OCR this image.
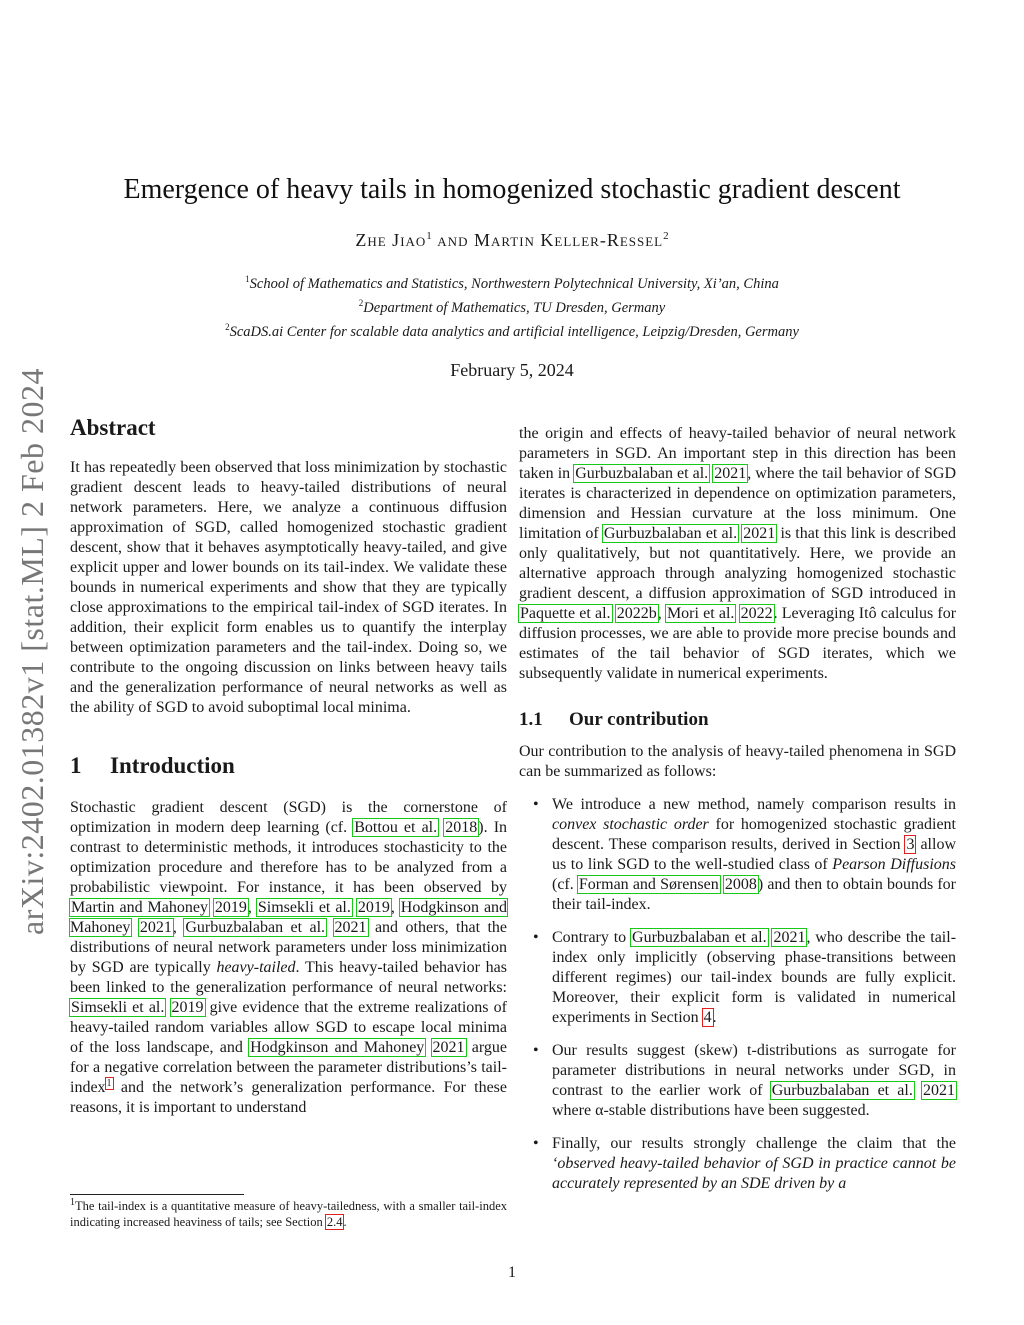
arXiv:2402.01382v1 [stat.ML] 2 Feb 2024
Emergence of heavy tails in homogenized stochastic gradient descent
Zhe Jiao$^1$ and Martin Keller-Ressel$^2$
$^1$School of Mathematics and Statistics, Northwestern Polytechnical University, Xi’an, China
$^2$Department of Mathematics, TU Dresden, Germany
$^2$ScaDS.ai Center for scalable data analytics and artificial intelligence, Leipzig/Dresden, Germany
February 5, 2024
Abstract

It has repeatedly been observed that loss minimization by stochastic gradient descent leads to heavy-tailed distributions of neural network parameters. Here, we analyze a continuous diffusion approximation of SGD, called homogenized stochastic gradient descent, show that it behaves asymptotically heavy-tailed, and give explicit upper and lower bounds on its tail-index. We validate these bounds in numerical experiments and show that they are typically close approximations to the empirical tail-index of SGD iterates. In addition, their explicit form enables us to quantify the interplay between optimization parameters and the tail-index. Doing so, we contribute to the ongoing discussion on links between heavy tails and the generalization performance of neural networks as well as the ability of SGD to avoid suboptimal local minima.

1 Introduction

Stochastic gradient descent (SGD) is the cornerstone of optimization in modern deep learning (cf. Bottou et al. 2018). In contrast to deterministic methods, it introduces stochasticity to the optimization procedure and therefore has to be analyzed from a probabilistic viewpoint. For instance, it has been observed by Martin and Mahoney 2019, Simsekli et al. 2019, Hodgkinson and Mahoney 2021, Gurbuzbalaban et al. 2021 and others, that the distributions of neural network parameters under loss minimization by SGD are typically heavy-tailed. This heavy-tailed behavior has been linked to the generalization performance of neural networks: Simsekli et al. 2019 give evidence that the extreme realizations of heavy-tailed random variables allow SGD to escape local minima of the loss landscape, and Hodgkinson and Mahoney 2021 argue for a negative correlation between the parameter distributions’s tail-index$^1$ and the network’s generalization performance. For these reasons, it is important to understand

the origin and effects of heavy-tailed behavior of neural network parameters in SGD. An important step in this direction has been taken in Gurbuzbalaban et al. 2021, where the tail behavior of SGD iterates is characterized in dependence on optimization parameters, dimension and Hessian curvature at the loss minimum. One limitation of Gurbuzbalaban et al. 2021 is that this link is described only qualitatively, but not quantitatively. Here, we provide an alternative approach through analyzing homogenized stochastic gradient descent, a diffusion approximation of SGD introduced in Paquette et al. 2022b, Mori et al. 2022. Leveraging Itô calculus for diffusion processes, we are able to provide more precise bounds and estimates of the tail behavior of SGD iterates, which we subsequently validate in numerical experiments.

1.1 Our contribution

Our contribution to the analysis of heavy-tailed phenomena in SGD can be summarized as follows:

• We introduce a new method, namely comparison results in convex stochastic order for homogenized stochastic gradient descent. These comparison results, derived in Section 3 allow us to link SGD to the well-studied class of Pearson Diffusions (cf. Forman and Sørensen 2008) and then to obtain bounds for their tail-index.
• Contrary to Gurbuzbalaban et al. 2021, who describe the tail-index only implicitly (observing phase-transitions between different regimes) our tail-index bounds are fully explicit. Moreover, their explicit form is validated in numerical experiments in Section 4.
• Our results suggest (skew) t-distributions as surrogate for parameter distributions in neural networks under SGD, in contrast to the earlier work of Gurbuzbalaban et al. 2021 where α-stable distributions have been suggested.
• Finally, our results strongly challenge the claim that the ‘observed heavy-tailed behavior of SGD in practice cannot be accurately represented by an SDE driven by a
$^1$The tail-index is a quantitative measure of heavy-tailedness, with a smaller tail-index indicating increased heaviness of tails; see Section 2.4.
1
